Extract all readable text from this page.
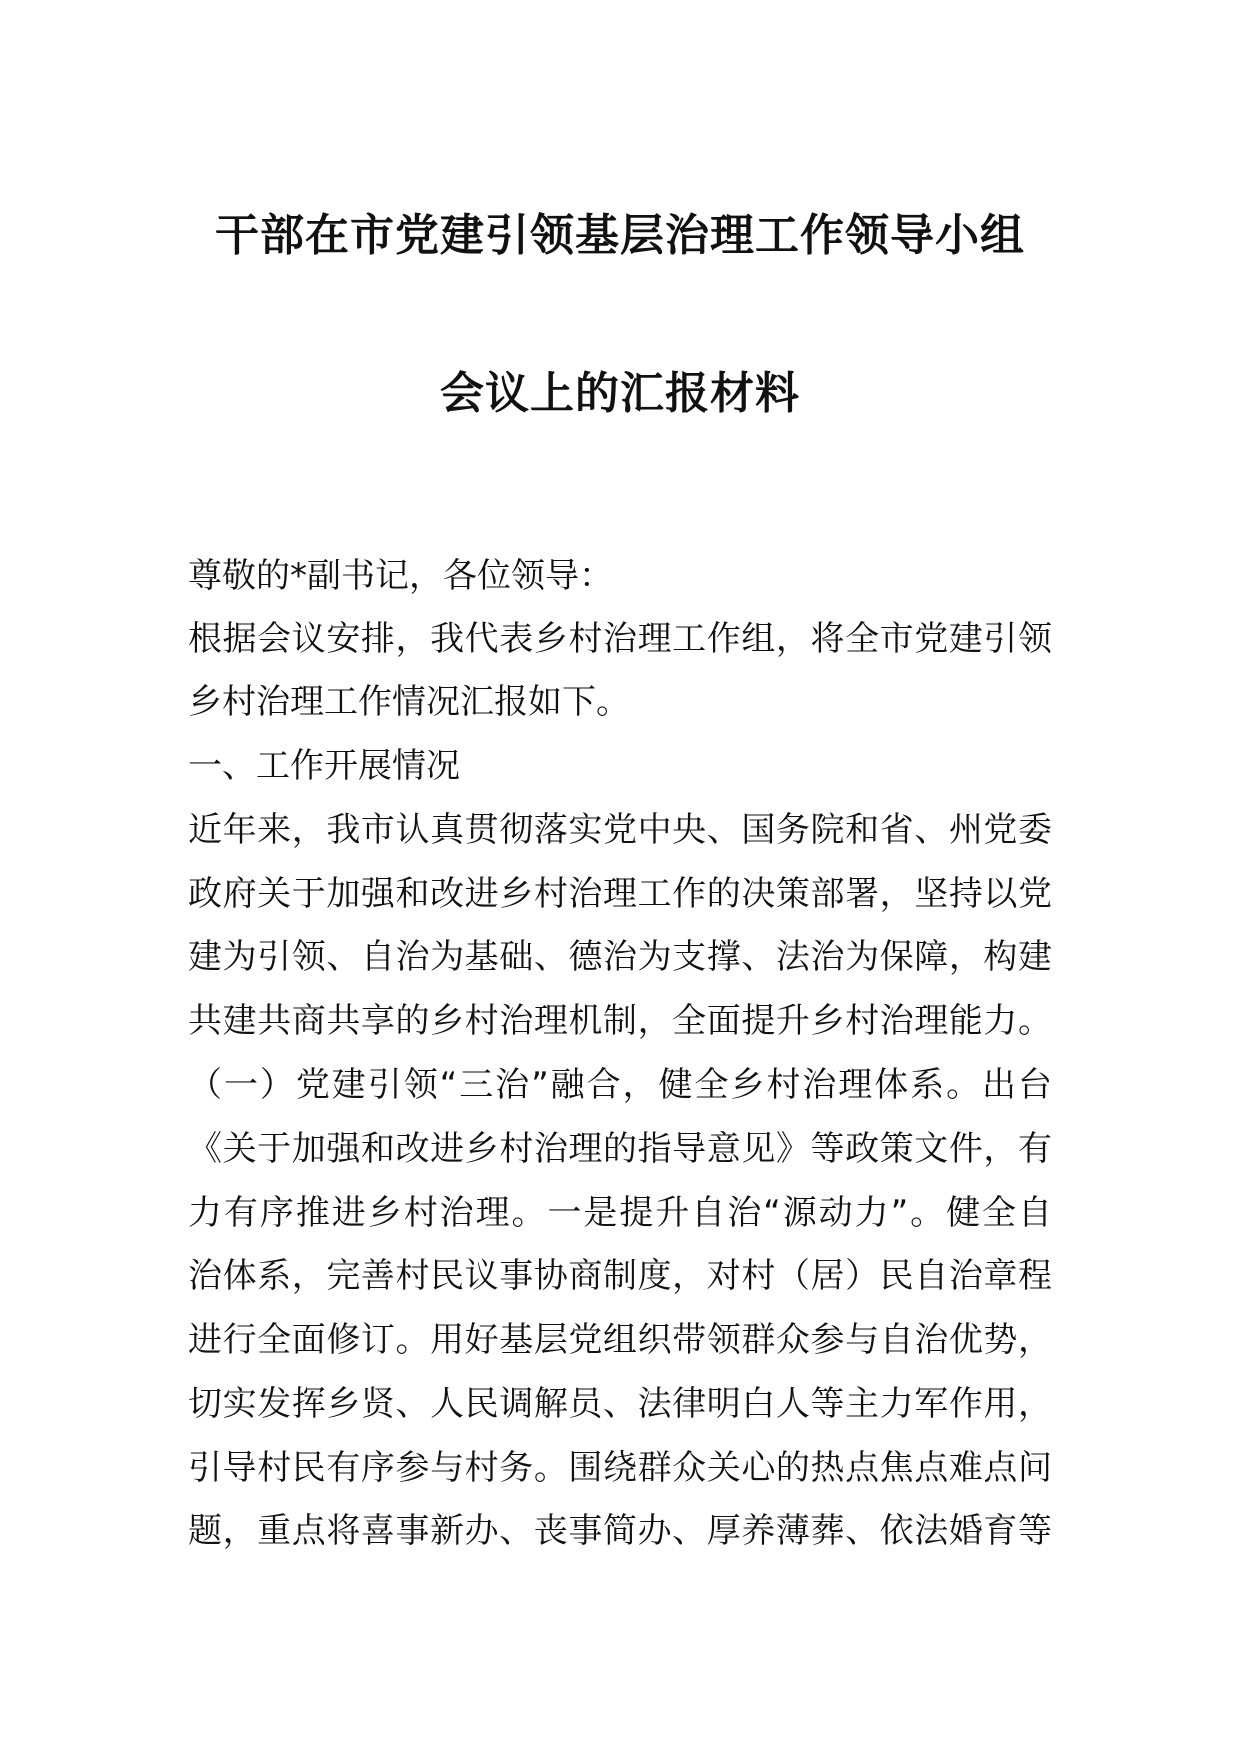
干部在市党建引领基层治理工作领导小组
会议上的汇报材料
尊敬的*副书记，各位领导：
根据会议安排，我代表乡村治理工作组，将全市党建引领
乡村治理工作情况汇报如下。
一、工作开展情况
近年来，我市认真贯彻落实党中央、国务院和省、州党委
政府关于加强和改进乡村治理工作的决策部署，坚持以党
建为引领、自治为基础、德治为支撑、法治为保障，构建
共建共商共享的乡村治理机制，全面提升乡村治理能力。
（一）党建引领“三治”融合，健全乡村治理体系。出台
《关于加强和改进乡村治理的指导意见》等政策文件，有
力有序推进乡村治理。一是提升自治“源动力”。健全自
治体系，完善村民议事协商制度，对村（居）民自治章程
进行全面修订。用好基层党组织带领群众参与自治优势，
切实发挥乡贤、人民调解员、法律明白人等主力军作用，
引导村民有序参与村务。围绕群众关心的热点焦点难点问
题，重点将喜事新办、丧事简办、厚养薄葬、依法婚育等
